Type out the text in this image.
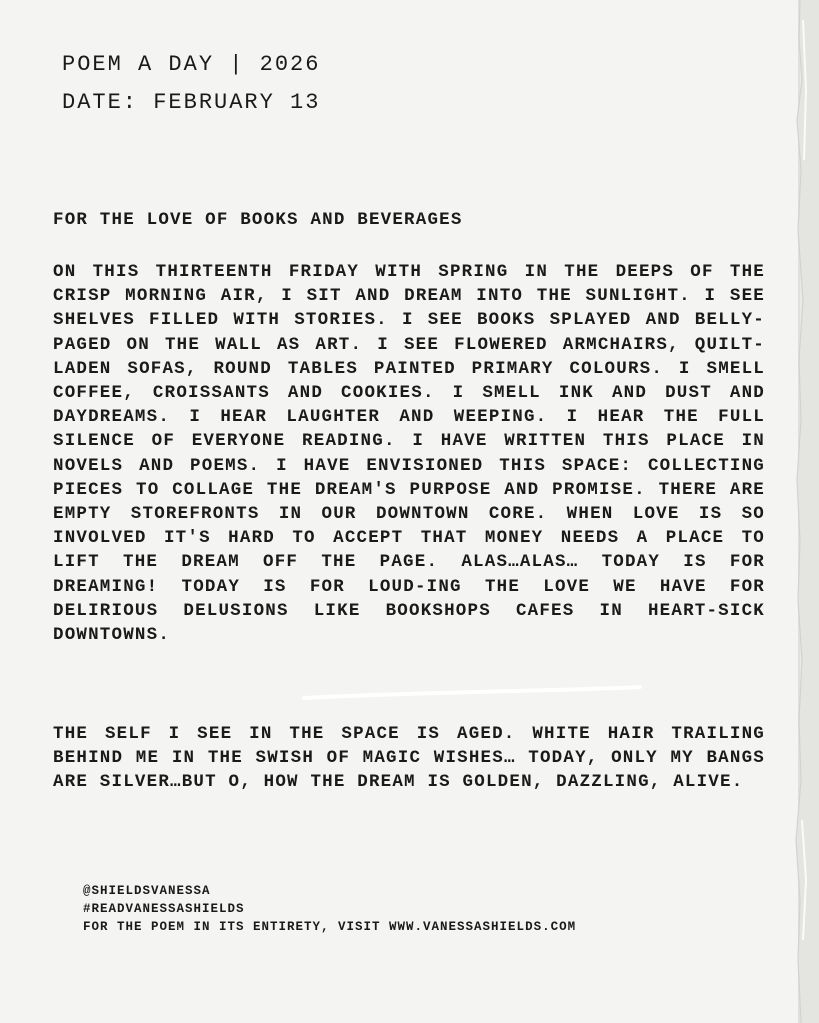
POEM A DAY | 2026
DATE: FEBRUARY 13
FOR THE LOVE OF BOOKS AND BEVERAGES
ON THIS THIRTEENTH FRIDAY WITH SPRING IN THE DEEPS OF THE CRISP MORNING AIR, I SIT AND DREAM INTO THE SUNLIGHT. I SEE SHELVES FILLED WITH STORIES. I SEE BOOKS SPLAYED AND BELLY-PAGED ON THE WALL AS ART. I SEE FLOWERED ARMCHAIRS, QUILT-LADEN SOFAS, ROUND TABLES PAINTED PRIMARY COLOURS. I SMELL COFFEE, CROISSANTS AND COOKIES. I SMELL INK AND DUST AND DAYDREAMS. I HEAR LAUGHTER AND WEEPING. I HEAR THE FULL SILENCE OF EVERYONE READING. I HAVE WRITTEN THIS PLACE IN NOVELS AND POEMS. I HAVE ENVISIONED THIS SPACE: COLLECTING PIECES TO COLLAGE THE DREAM'S PURPOSE AND PROMISE. THERE ARE EMPTY STOREFRONTS IN OUR DOWNTOWN CORE. WHEN LOVE IS SO INVOLVED IT'S HARD TO ACCEPT THAT MONEY NEEDS A PLACE TO LIFT THE DREAM OFF THE PAGE. ALAS…ALAS… TODAY IS FOR DREAMING! TODAY IS FOR LOUD-ING THE LOVE WE HAVE FOR DELIRIOUS DELUSIONS LIKE BOOKSHOPS CAFES IN HEART-SICK DOWNTOWNS.
THE SELF I SEE IN THE SPACE IS AGED. WHITE HAIR TRAILING BEHIND ME IN THE SWISH OF MAGIC WISHES… TODAY, ONLY MY BANGS ARE SILVER…BUT O, HOW THE DREAM IS GOLDEN, DAZZLING, ALIVE.
@SHIELDSVANESSA
#READVANESSASHIELDS
FOR THE POEM IN ITS ENTIRETY, VISIT WWW.VANESSASHIELDS.COM
